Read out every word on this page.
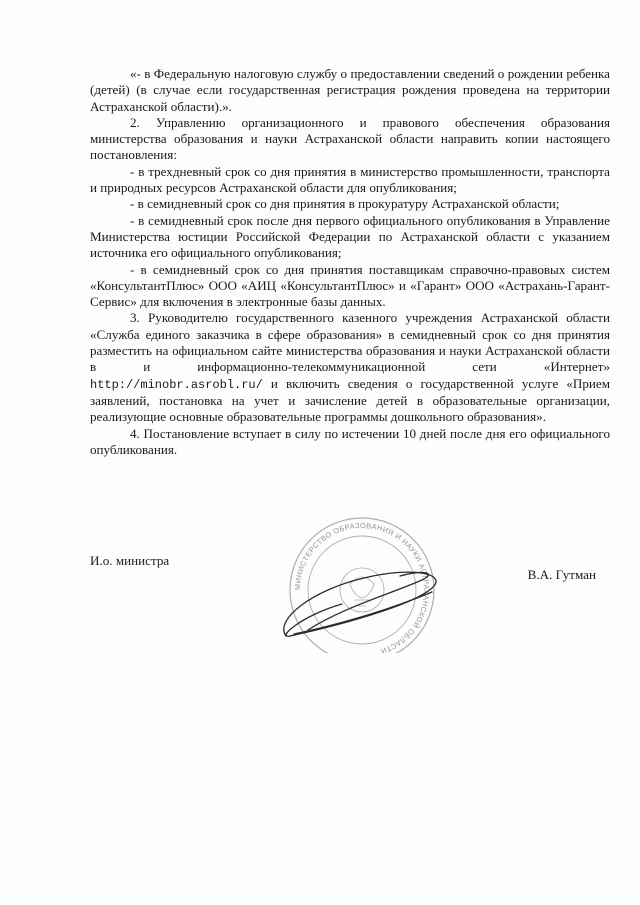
«- в Федеральную налоговую службу о предоставлении сведений о рождении ребенка (детей) (в случае если государственная регистрация рождения проведена на территории Астраханской области).».

2. Управлению организационного и правового обеспечения образования министерства образования и науки Астраханской области направить копии настоящего постановления:

- в трехдневный срок со дня принятия в министерство промышленности, транспорта и природных ресурсов Астраханской области для опубликования;

- в семидневный срок со дня принятия в прокуратуру Астраханской области;

- в семидневный срок после дня первого официального опубликования в Управление Министерства юстиции Российской Федерации по Астраханской области с указанием источника его официального опубликования;

- в семидневный срок со дня принятия поставщикам справочно-правовых систем «КонсультантПлюс» ООО «АИЦ «КонсультантПлюс» и «Гарант» ООО «Астрахань-Гарант-Сервис» для включения в электронные базы данных.

3. Руководителю государственного казенного учреждения Астраханской области «Служба единого заказчика в сфере образования» в семидневный срок со дня принятия разместить на официальном сайте министерства образования и науки Астраханской области в и информационно-телекоммуникационной сети «Интернет» http://minobr.asrobl.ru/ и включить сведения о государственной услуге «Прием заявлений, постановка на учет и зачисление детей в образовательные организации, реализующие основные образовательные программы дошкольного образования».

4. Постановление вступает в силу по истечении 10 дней после дня его официального опубликования.

МИНИСТЕРСТВО ОБРАЗОВАНИЯ И НАУКИ АСТРАХАНСКОЙ ОБЛАСТИ
И.о. министра
В.А. Гутман
